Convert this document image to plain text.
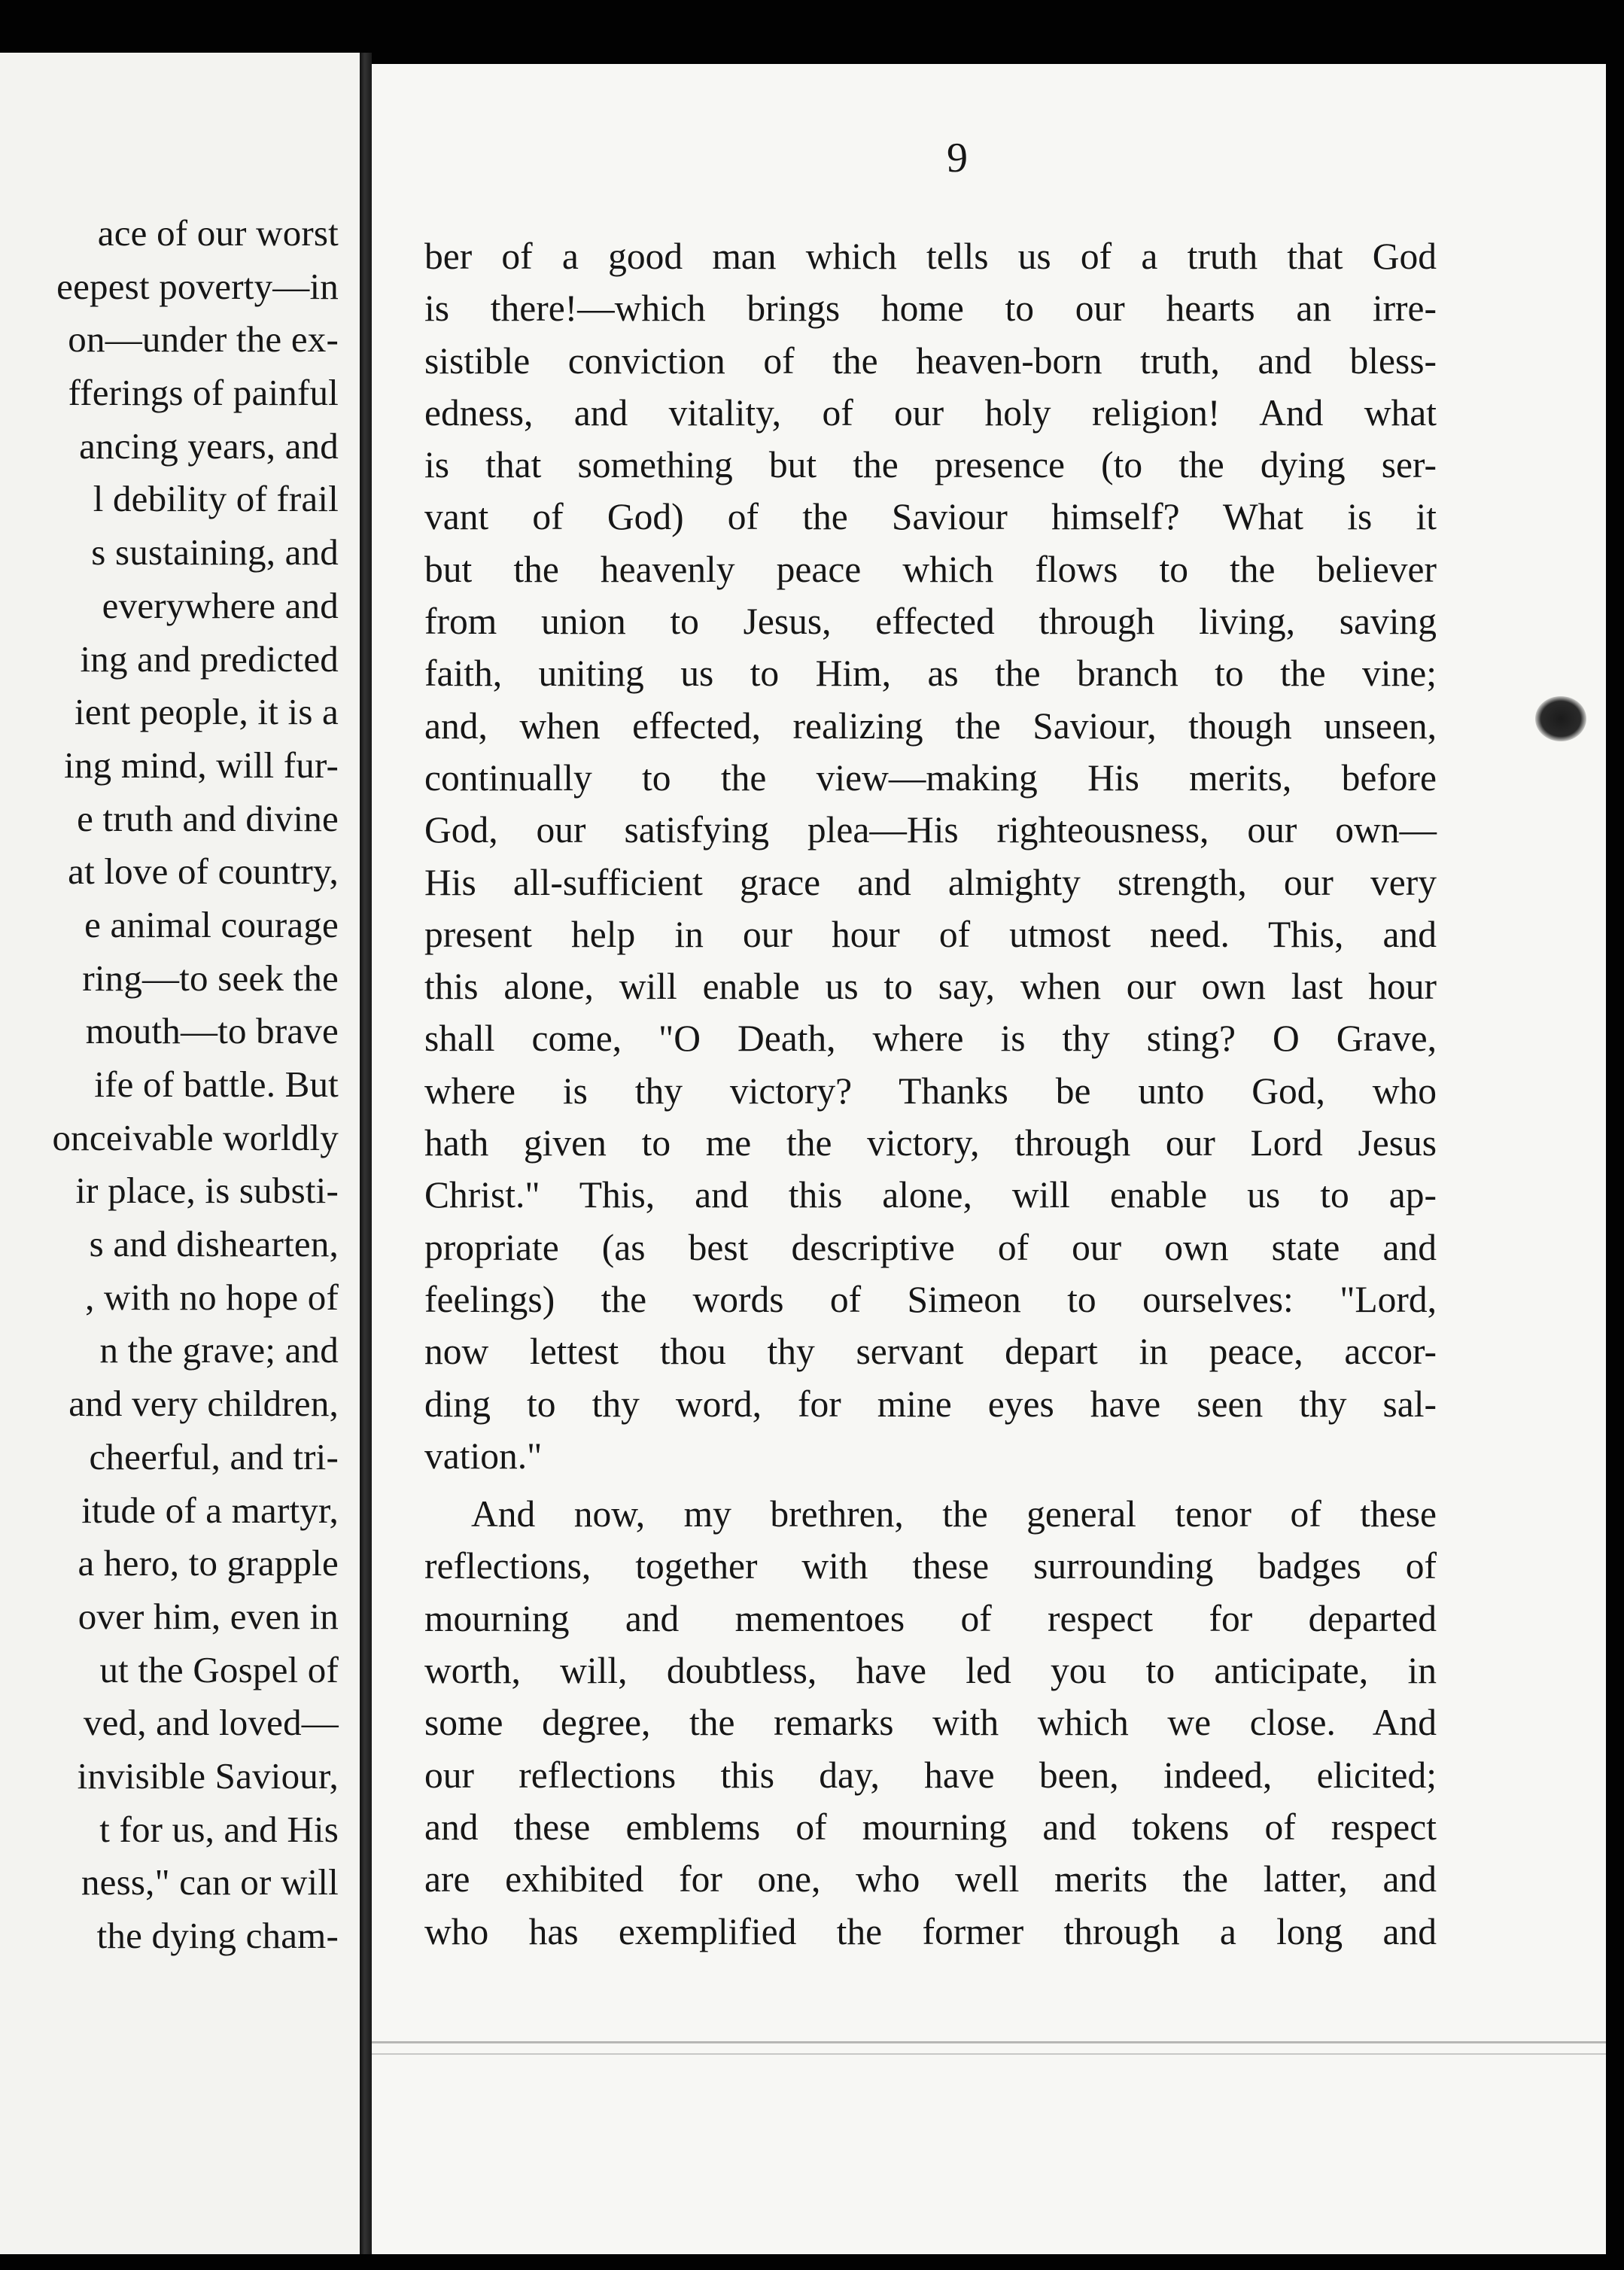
ace of our worst
eepest poverty—in
on—under the ex-
fferings of painful
ancing years, and
l debility of frail
s sustaining, and
everywhere and
ing and predicted
ient people, it is a
ing mind, will fur-
e truth and divine
at love of country,
e animal courage
ring—to seek the
mouth—to brave
ife of battle. But
onceivable worldly
ir place, is substi-
s and dishearten,
, with no hope of
n the grave; and
and very children,
cheerful, and tri-
itude of a martyr,
a hero, to grapple
over him, even in
ut the Gospel of
ved, and loved—
invisible Saviour,
t for us, and His
ness," can or will
the dying cham-
9
ber of a good man which tells us of a truth that God
is there!—which brings home to our hearts an irre-
sistible conviction of the heaven-born truth, and bless-
edness, and vitality, of our holy religion! And what
is that something but the presence (to the dying ser-
vant of God) of the Saviour himself? What is it
but the heavenly peace which flows to the believer
from union to Jesus, effected through living, saving
faith, uniting us to Him, as the branch to the vine;
and, when effected, realizing the Saviour, though unseen,
continually to the view—making His merits, before
God, our satisfying plea—His righteousness, our own—
His all-sufficient grace and almighty strength, our very
present help in our hour of utmost need. This, and
this alone, will enable us to say, when our own last hour
shall come, "O Death, where is thy sting? O Grave,
where is thy victory? Thanks be unto God, who
hath given to me the victory, through our Lord Jesus
Christ." This, and this alone, will enable us to ap-
propriate (as best descriptive of our own state and
feelings) the words of Simeon to ourselves: "Lord,
now lettest thou thy servant depart in peace, accor-
ding to thy word, for mine eyes have seen thy sal-
vation."
And now, my brethren, the general tenor of these
reflections, together with these surrounding badges of
mourning and mementoes of respect for departed
worth, will, doubtless, have led you to anticipate, in
some degree, the remarks with which we close. And
our reflections this day, have been, indeed, elicited;
and these emblems of mourning and tokens of respect
are exhibited for one, who well merits the latter, and
who has exemplified the former through a long and
